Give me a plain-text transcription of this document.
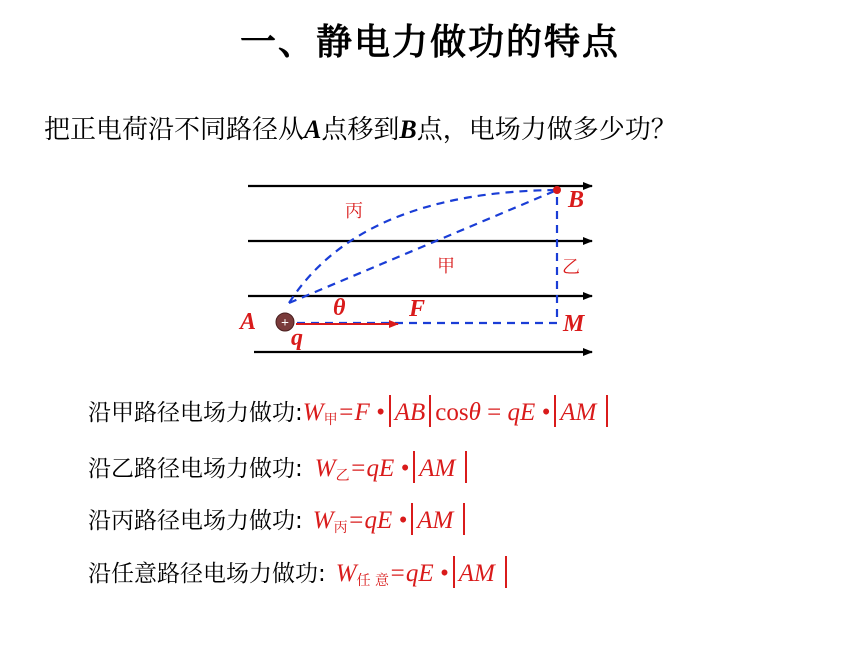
一、静电力做功的特点
把正电荷沿不同路径从A点移到B点，电场力做多少功？
+
A
B
M
q
F
θ
甲	乙
丙
沿甲路径电场力做功$:W_甲=F$ • AB cosθ = qE • AM
沿乙路径电场力做功: $W_乙=qE$ • AM
沿丙路径电场力做功: $W_丙=qE$ • AM
沿任意路径电场力做功: $W_{任 意}=qE$ • AM
